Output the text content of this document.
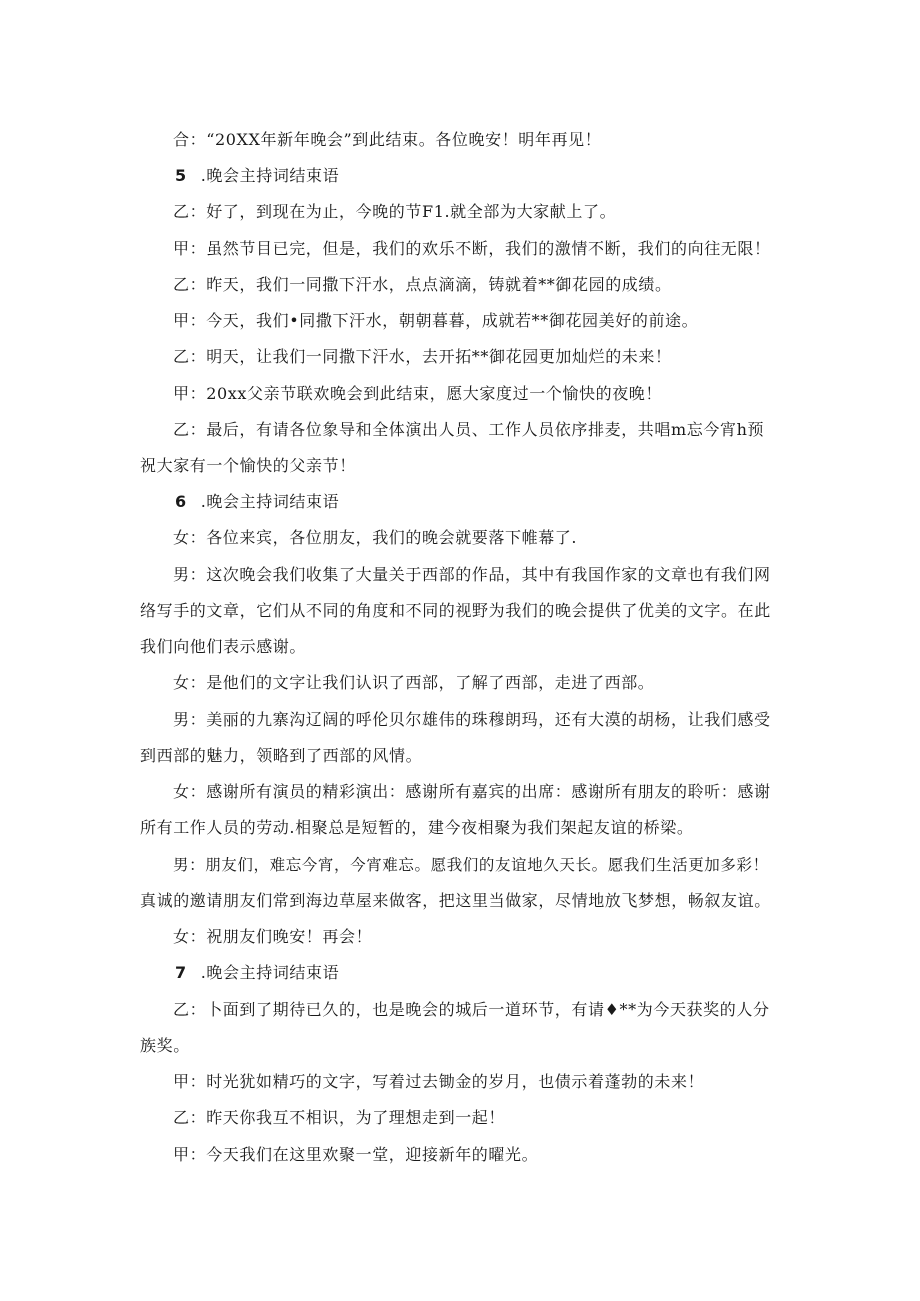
合：“20XX年新年晚会”到此结束。各位晚安！明年再见！
5 .晚会主持词结束语
乙：好了，到现在为止，今晚的节F1.就全部为大家献上了。
甲：虽然节目已完，但是，我们的欢乐不断，我们的激情不断，我们的向往无限！
乙：昨天，我们一同撒下汗水，点点滴滴，铸就着**御花园的成绩。
甲：今天，我们•同撒下汗水，朝朝暮暮，成就若**御花园美好的前途。
乙：明天，让我们一同撒下汗水，去开拓**御花园更加灿烂的未来！
甲：20xx父亲节联欢晚会到此结束，愿大家度过一个愉快的夜晚！
乙：最后，有请各位象导和全体演出人员、工作人员依序排麦，共唱m忘今宵h预
祝大家有一个愉快的父亲节！
6 .晚会主持词结束语
女：各位来宾，各位朋友，我们的晚会就要落下帷幕了.
男：这次晚会我们收集了大量关于西部的作品，其中有我国作家的文章也有我们网
络写手的文章，它们从不同的角度和不同的视野为我们的晚会提供了优美的文字。在此
我们向他们表示感谢。
女：是他们的文字让我们认识了西部，了解了西部，走进了西部。
男：美丽的九寨沟辽阔的呼伦贝尔雄伟的珠穆朗玛，还有大漠的胡杨，让我们感受
到西部的魅力，领略到了西部的风情。
女：感谢所有演员的精彩演出：感谢所有嘉宾的出席：感谢所有朋友的聆听：感谢
所有工作人员的劳动.相聚总是短暂的，建今夜相聚为我们架起友谊的桥梁。
男：朋友们，难忘今宵，今宵难忘。愿我们的友谊地久天长。愿我们生活更加多彩！
真诚的邀请朋友们常到海边草屋来做客，把这里当做家，尽情地放飞梦想，畅叙友谊。
女：祝朋友们晚安！再会！
7 .晚会主持词结束语
乙：卜面到了期待已久的，也是晚会的城后一道环节，有请♦**为今天获奖的人分
族奖。
甲：时光犹如精巧的文字，写着过去锄金的岁月，也债示着蓬勃的未来！
乙：昨天你我互不相识，为了理想走到一起！
甲：今天我们在这里欢聚一堂，迎接新年的曜光。
